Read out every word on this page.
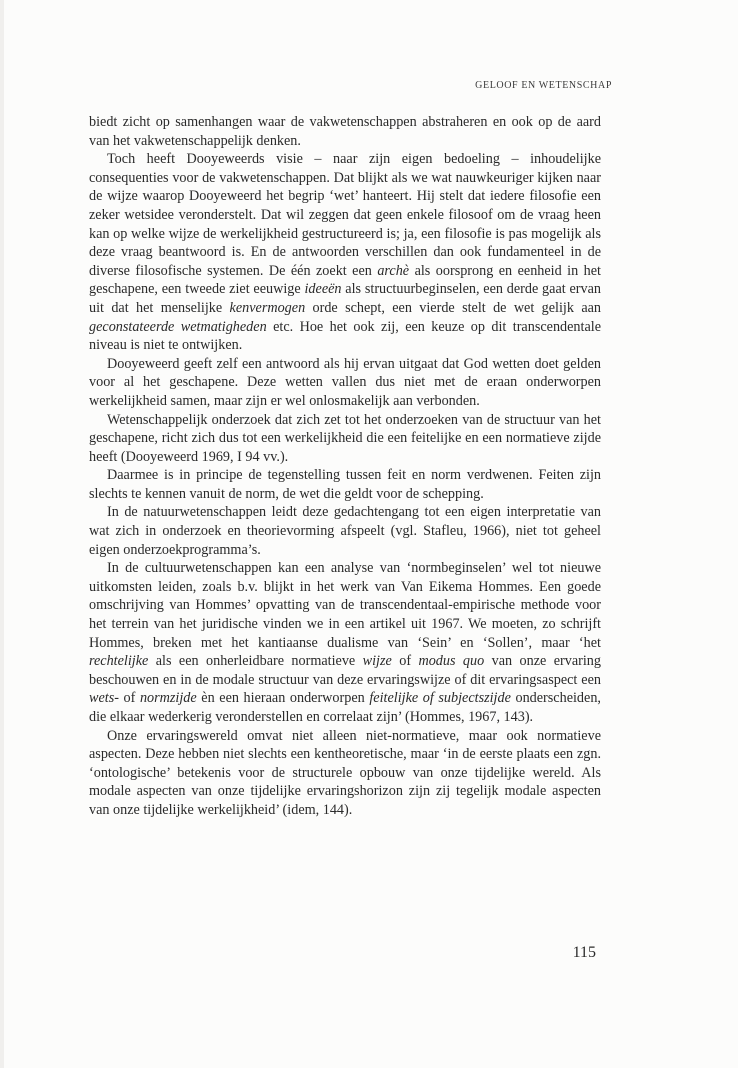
GELOOF EN WETENSCHAP

biedt zicht op samenhangen waar de vakwetenschappen abstraheren en ook op de aard van het vakwetenschappelijk denken.

Toch heeft Dooyeweerds visie – naar zijn eigen bedoeling – inhoudelijke consequenties voor de vakwetenschappen. Dat blijkt als we wat nauwkeuriger kijken naar de wijze waarop Dooyeweerd het begrip ‘wet’ hanteert. Hij stelt dat iedere filosofie een zeker wetsidee veronderstelt. Dat wil zeggen dat geen enkele filosoof om de vraag heen kan op welke wijze de werkelijkheid gestructureerd is; ja, een filosofie is pas mogelijk als deze vraag beantwoord is. En de antwoorden verschillen dan ook fundamenteel in de diverse filosofische systemen. De één zoekt een archè als oorsprong en eenheid in het geschapene, een tweede ziet eeuwige ideeën als structuurbeginselen, een derde gaat ervan uit dat het menselijke kenvermogen orde schept, een vierde stelt de wet gelijk aan geconstateerde wetmatigheden etc. Hoe het ook zij, een keuze op dit transcendentale niveau is niet te ontwijken.

Dooyeweerd geeft zelf een antwoord als hij ervan uitgaat dat God wetten doet gelden voor al het geschapene. Deze wetten vallen dus niet met de eraan onderworpen werkelijkheid samen, maar zijn er wel onlosmakelijk aan verbonden.

Wetenschappelijk onderzoek dat zich zet tot het onderzoeken van de structuur van het geschapene, richt zich dus tot een werkelijkheid die een feitelijke en een normatieve zijde heeft (Dooyeweerd 1969, I 94 vv.).

Daarmee is in principe de tegenstelling tussen feit en norm verdwenen. Feiten zijn slechts te kennen vanuit de norm, de wet die geldt voor de schepping.

In de natuurwetenschappen leidt deze gedachtengang tot een eigen interpretatie van wat zich in onderzoek en theorievorming afspeelt (vgl. Stafleu, 1966), niet tot geheel eigen onderzoekprogramma’s.

In de cultuurwetenschappen kan een analyse van ‘normbeginselen’ wel tot nieuwe uitkomsten leiden, zoals b.v. blijkt in het werk van Van Eikema Hommes. Een goede omschrijving van Hommes’ opvatting van de transcendentaal-empirische methode voor het terrein van het juridische vinden we in een artikel uit 1967. We moeten, zo schrijft Hommes, breken met het kantiaanse dualisme van ‘Sein’ en ‘Sollen’, maar ‘het rechtelijke als een onherleidbare normatieve wijze of modus quo van onze ervaring beschouwen en in de modale structuur van deze ervaringswijze of dit ervaringsaspect een wets- of normzijde èn een hieraan onderworpen feitelijke of subjectszijde onderscheiden, die elkaar wederkerig veronderstellen en correlaat zijn’ (Hommes, 1967, 143).

Onze ervaringswereld omvat niet alleen niet-normatieve, maar ook normatieve aspecten. Deze hebben niet slechts een kentheoretische, maar ‘in de eerste plaats een zgn. ‘ontologische’ betekenis voor de structurele opbouw van onze tijdelijke wereld. Als modale aspecten van onze tijdelijke ervaringshorizon zijn zij tegelijk modale aspecten van onze tijdelijke werkelijkheid’ (idem, 144).

115
